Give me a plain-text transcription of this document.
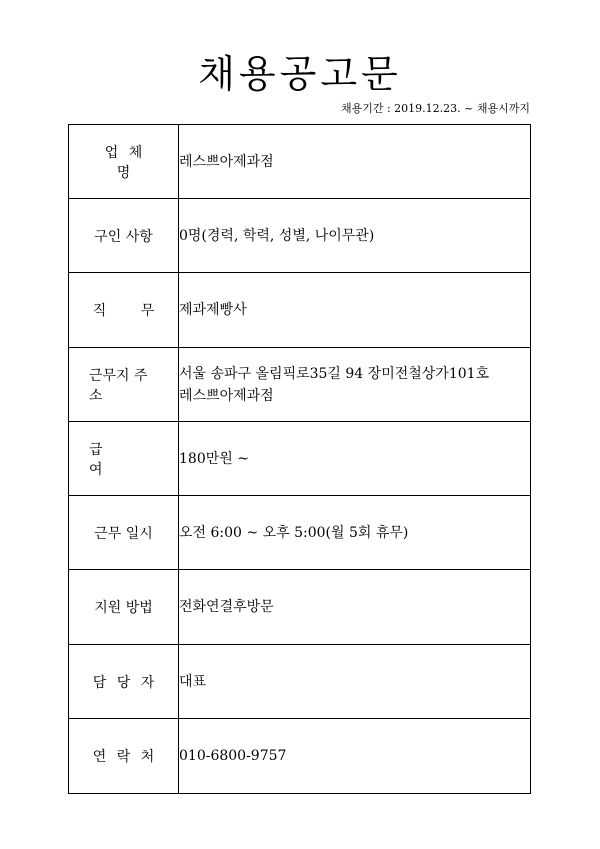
채용공고문
채용기간 : 2019.12.23. ~ 채용시까지
업 체 명	레스쁘아제과점

구인 사항	0명(경력, 학력, 성별, 나이무관)

직 무	제과제빵사

근무지 주소	서울 송파구 올림픽로35길 94 장미전철상가101호
레스쁘아제과점

급 여	180만원 ~

근무 일시	오전 6:00 ~ 오후 5:00(월 5회 휴무)

지원 방법	전화연결후방문

담 당 자	대표

연 락 처	010-6800-9757
